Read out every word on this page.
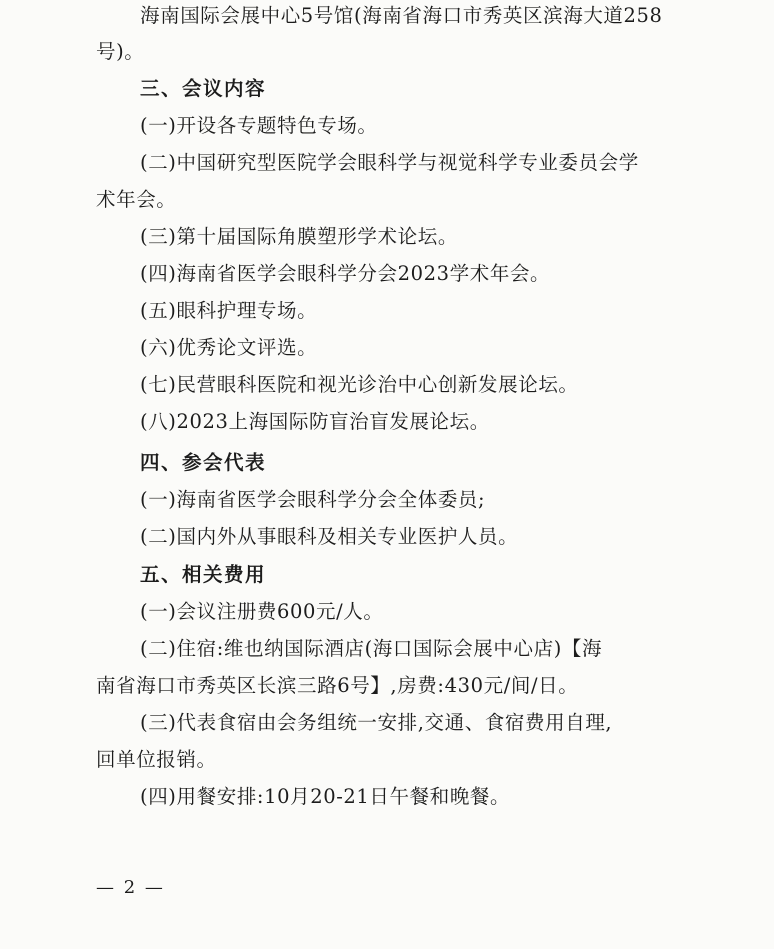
海南国际会展中心5号馆(海南省海口市秀英区滨海大道258
号)。
三、会议内容
(一)开设各专题特色专场。
(二)中国研究型医院学会眼科学与视觉科学专业委员会学
术年会。
(三)第十届国际角膜塑形学术论坛。
(四)海南省医学会眼科学分会2023学术年会。
(五)眼科护理专场。
(六)优秀论文评选。
(七)民营眼科医院和视光诊治中心创新发展论坛。
(八)2023上海国际防盲治盲发展论坛。
四、参会代表
(一)海南省医学会眼科学分会全体委员;
(二)国内外从事眼科及相关专业医护人员。
五、相关费用
(一)会议注册费600元/人。
(二)住宿:维也纳国际酒店(海口国际会展中心店)【海
南省海口市秀英区长滨三路6号】,房费:430元/间/日。
(三)代表食宿由会务组统一安排,交通、食宿费用自理,
回单位报销。
(四)用餐安排:10月20-21日午餐和晚餐。
— 2 —
